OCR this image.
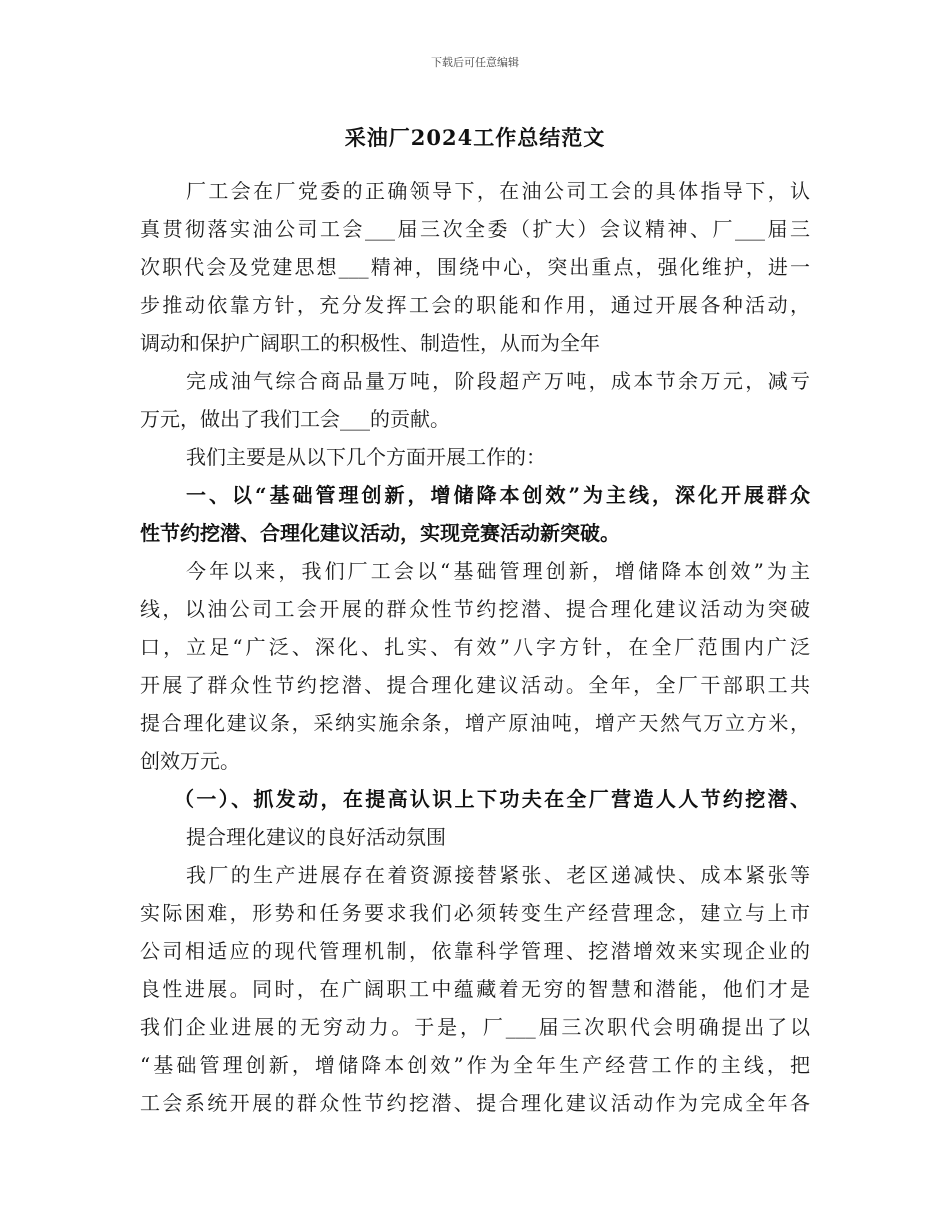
下载后可任意编辑
采油厂2024工作总结范文
厂工会在厂党委的正确领导下，在油公司工会的具体指导下，认
真贯彻落实油公司工会___届三次全委（扩大）会议精神、厂___届三
次职代会及党建思想___精神，围绕中心，突出重点，强化维护，进一
步推动依靠方针，充分发挥工会的职能和作用，通过开展各种活动，
调动和保护广阔职工的积极性、制造性，从而为全年
完成油气综合商品量万吨，阶段超产万吨，成本节余万元，减亏
万元，做出了我们工会___的贡献。
我们主要是从以下几个方面开展工作的：
一、以“基础管理创新，增储降本创效”为主线，深化开展群众
性节约挖潜、合理化建议活动，实现竞赛活动新突破。
今年以来，我们厂工会以“基础管理创新，增储降本创效”为主
线，以油公司工会开展的群众性节约挖潜、提合理化建议活动为突破
口，立足“广泛、深化、扎实、有效”八字方针，在全厂范围内广泛
开展了群众性节约挖潜、提合理化建议活动。全年，全厂干部职工共
提合理化建议条，采纳实施余条，增产原油吨，增产天然气万立方米，
创效万元。
（一）、抓发动，在提高认识上下功夫在全厂营造人人节约挖潜、
提合理化建议的良好活动氛围
我厂的生产进展存在着资源接替紧张、老区递减快、成本紧张等
实际困难，形势和任务要求我们必须转变生产经营理念，建立与上市
公司相适应的现代管理机制，依靠科学管理、挖潜增效来实现企业的
良性进展。同时，在广阔职工中蕴藏着无穷的智慧和潜能，他们才是
我们企业进展的无穷动力。于是，厂___届三次职代会明确提出了以
“基础管理创新，增储降本创效”作为全年生产经营工作的主线，把
工会系统开展的群众性节约挖潜、提合理化建议活动作为完成全年各
